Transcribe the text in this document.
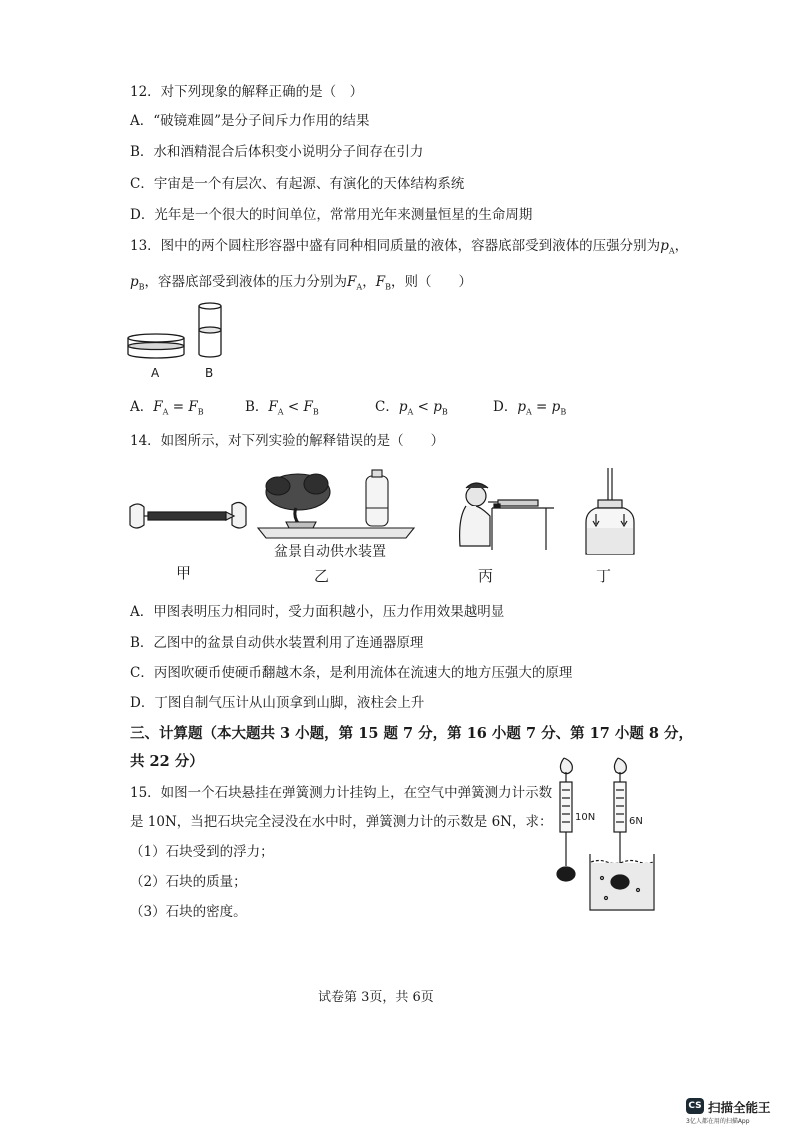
12．对下列现象的解释正确的是（　）
A．“破镜难圆”是分子间斥力作用的结果
B．水和酒精混合后体积变小说明分子间存在引力
C．宇宙是一个有层次、有起源、有演化的天体结构系统
D．光年是一个很大的时间单位，常常用光年来测量恒星的生命周期
13．图中的两个圆柱形容器中盛有同种相同质量的液体，容器底部受到液体的压强分别为$p_A$，
$p_B$，容器底部受到液体的压力分别为$F_A$，$F_B$，则（　　）
A	B
A．$F_A = F_B$	B．$F_A < F_B$	C．$p_A < p_B$	D．$p_A = p_B$
14．如图所示，对下列实验的解释错误的是（　　）
甲
盆景自动供水装置
乙	丙	丁
A．甲图表明压力相同时，受力面积越小，压力作用效果越明显
B．乙图中的盆景自动供水装置利用了连通器原理
C．丙图吹硬币使硬币翻越木条，是利用流体在流速大的地方压强大的原理
D．丁图自制气压计从山顶拿到山脚，液柱会上升
三、计算题（本大题共 3 小题，第 15 题 7 分，第 16 小题 7 分、第 17 小题 8 分，
共 22 分）
15．如图一个石块悬挂在弹簧测力计挂钩上，在空气中弹簧测力计示数
是 10N，当把石块完全浸没在水中时，弹簧测力计的示数是 6N，求：
（1）石块受到的浮力；
（2）石块的质量；
（3）石块的密度。
10N	6N
试卷第 3页，共 6页
CS 扫描全能王
3亿人都在用的扫描App
